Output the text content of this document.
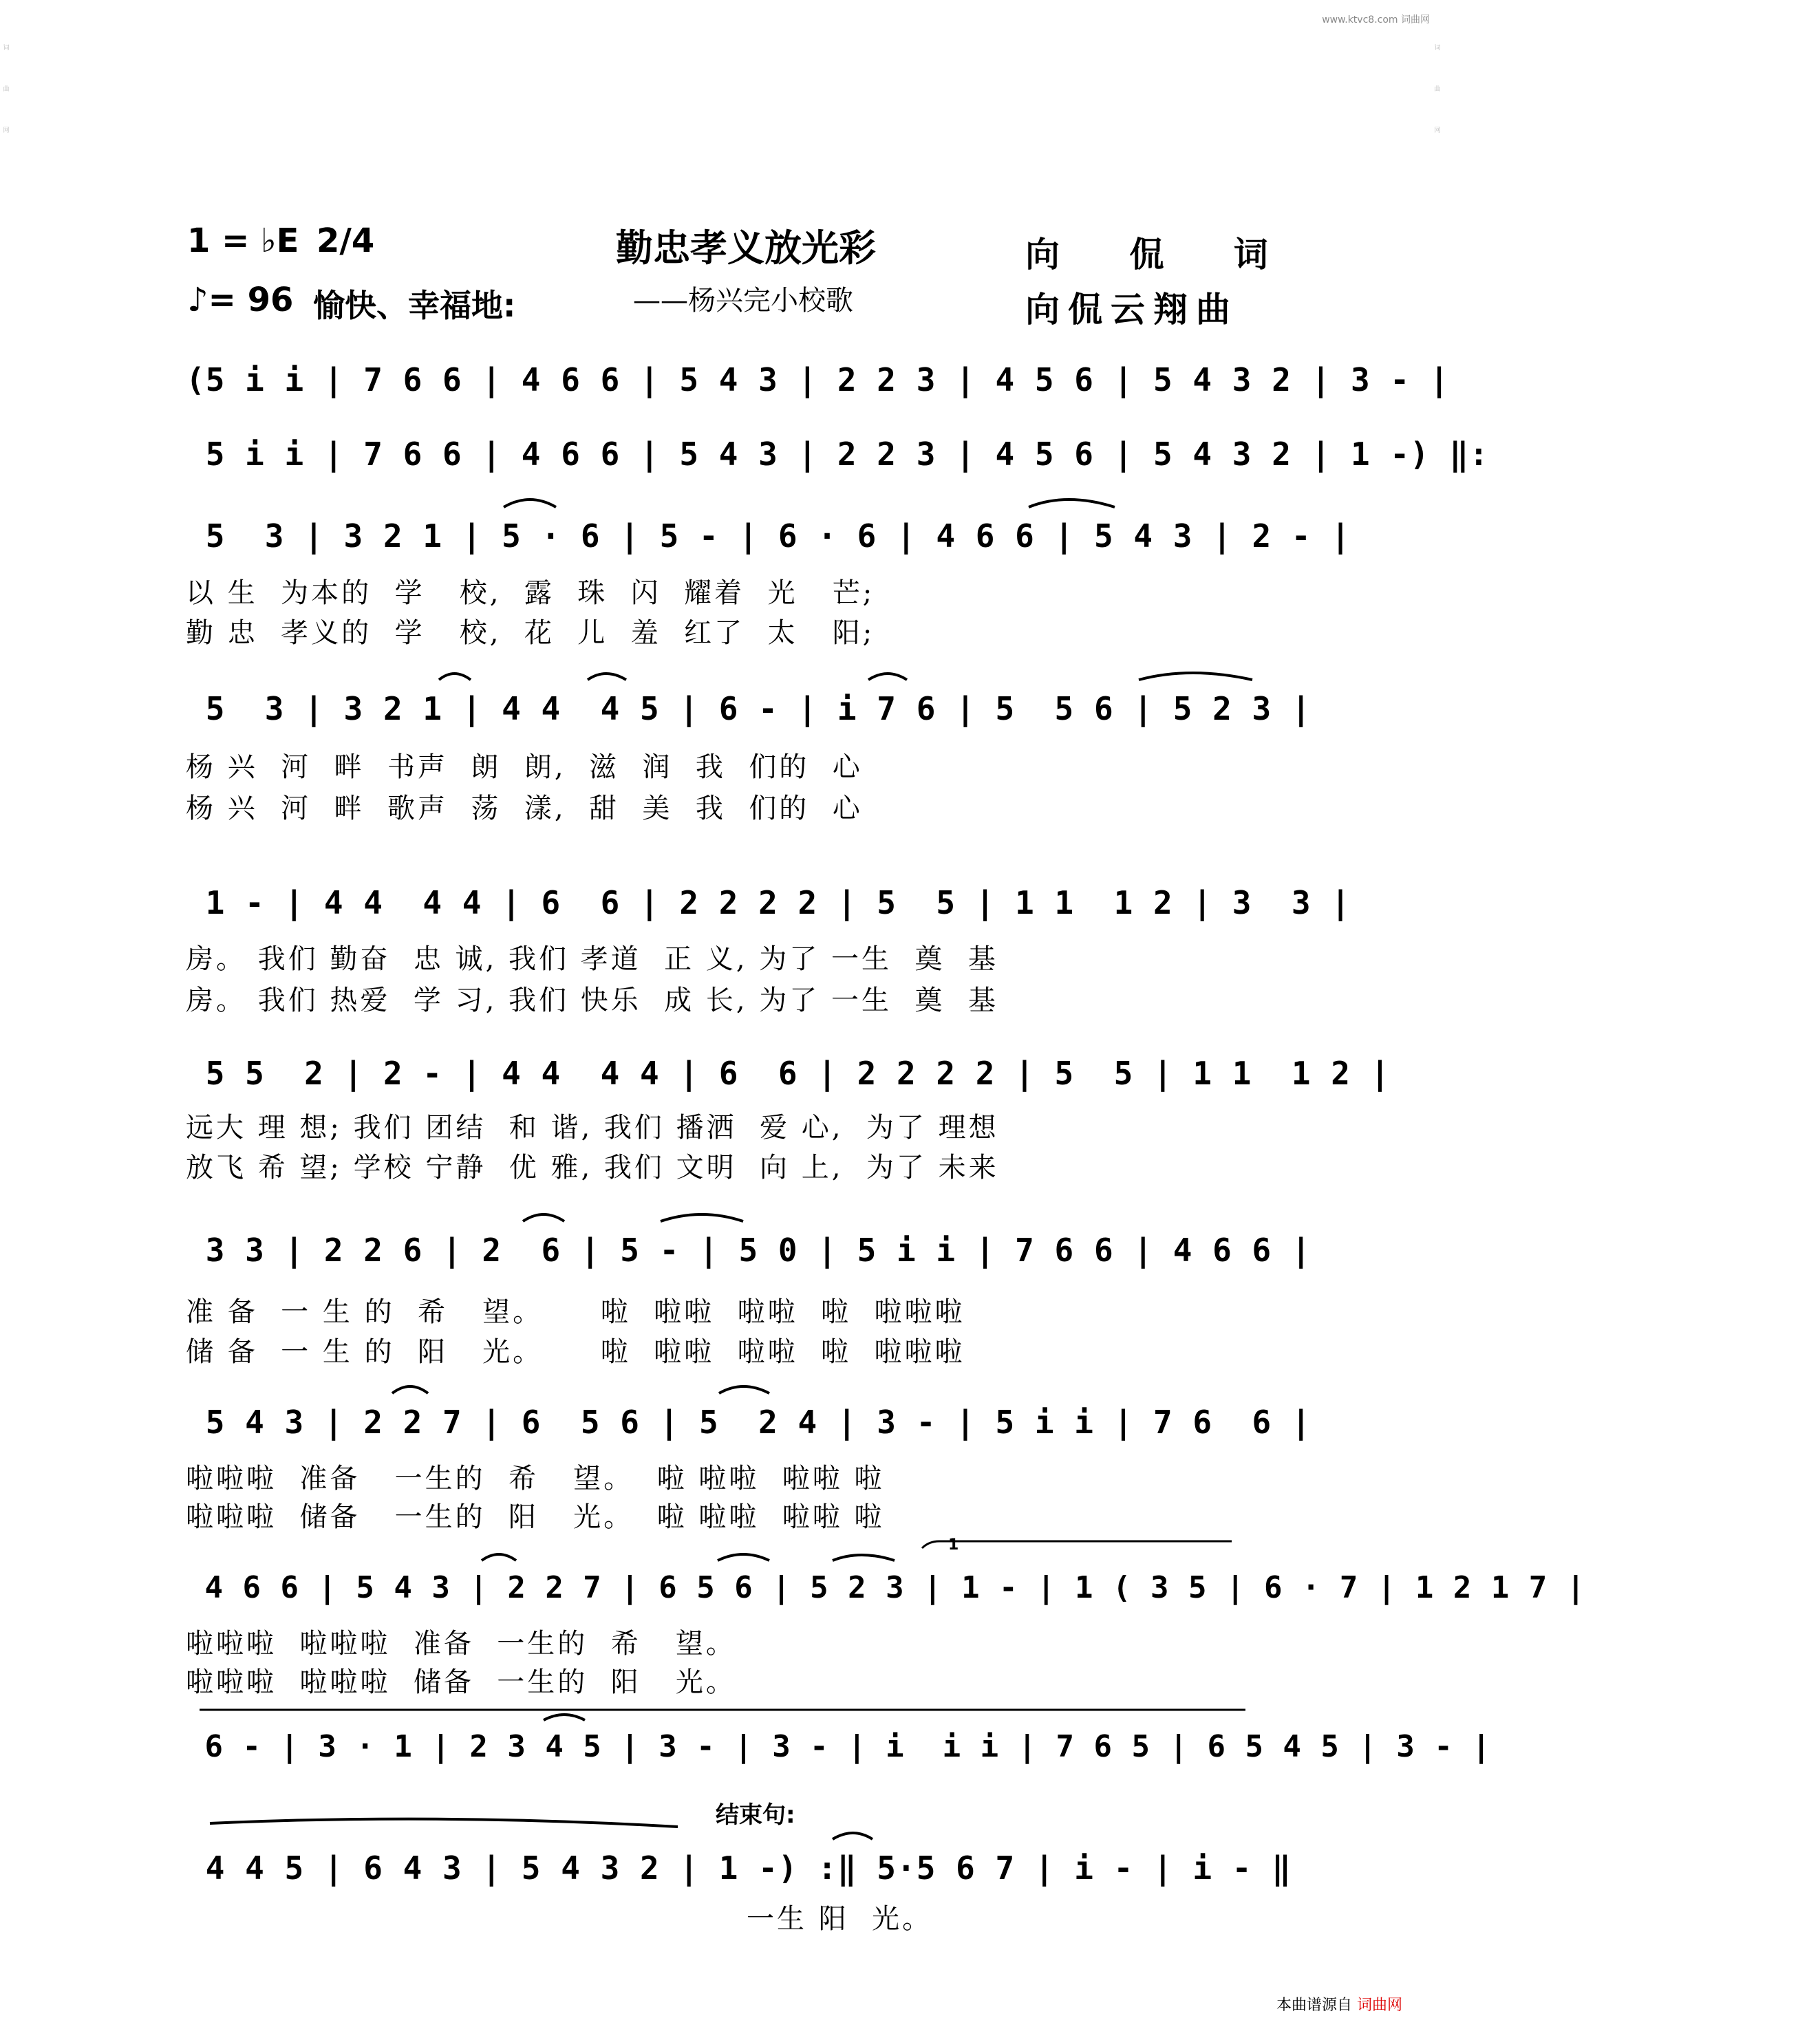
词曲网
词曲网
www.ktvc8.com 词曲网
1 = ♭E 2/4
♪= 96 愉快、幸福地:
勤忠孝义放光彩
——杨兴完小校歌
向 侃 词
向侃云翔曲
(5 i i | 7 6 6 | 4 6 6 | 5 4 3 | 2 2 3 | 4 5 6 | 5 4 3 2 | 3 - |
5 i i | 7 6 6 | 4 6 6 | 5 4 3 | 2 2 3 | 4 5 6 | 5 4 3 2 | 1 -) ‖:
5  3 | 3 2 1 | 5 · 6 | 5 - | 6 · 6 | 4 6 6 | 5 4 3 | 2 - |
以 生  为本的  学   校,  露  珠  闪  耀着  光   芒;
勤 忠  孝义的  学   校,  花  儿  羞  红了  太   阳;
5  3 | 3 2 1 | 4 4  4 5 | 6 - | i 7 6 | 5  5 6 | 5 2 3 |
杨 兴  河  畔  书声  朗  朗,  滋  润  我  们的  心
杨 兴  河  畔  歌声  荡  漾,  甜  美  我  们的  心
1 - | 4 4  4 4 | 6  6 | 2 2 2 2 | 5  5 | 1 1  1 2 | 3  3 |
房。 我们 勤奋  忠 诚, 我们 孝道  正 义, 为了 一生  奠  基
房。 我们 热爱  学 习, 我们 快乐  成 长, 为了 一生  奠  基
5 5  2 | 2 - | 4 4  4 4 | 6  6 | 2 2 2 2 | 5  5 | 1 1  1 2 |
远大 理 想; 我们 团结  和 谐, 我们 播洒  爱 心,  为了 理想
放飞 希 望; 学校 宁静  优 雅, 我们 文明  向 上,  为了 未来
3 3 | 2 2 6 | 2  6 | 5 - | 5 0 | 5 i i | 7 6 6 | 4 6 6 |
准 备  一 生 的  希   望。     啦  啦啦  啦啦  啦  啦啦啦
储 备  一 生 的  阳   光。     啦  啦啦  啦啦  啦  啦啦啦
5 4 3 | 2 2 7 | 6  5 6 | 5  2 4 | 3 - | 5 i i | 7 6  6 |
啦啦啦  准备   一生的  希   望。  啦 啦啦  啦啦 啦
啦啦啦  储备   一生的  阳   光。  啦 啦啦  啦啦 啦
4 6 6 | 5 4 3 | 2 2 7 | 6 5 6 | 5 2 3 | 1 - | 1 ( 3 5 | 6 · 7 | 1 2 1 7 |
啦啦啦  啦啦啦  准备  一生的  希   望。
啦啦啦  啦啦啦  储备  一生的  阳   光。
6 - | 3 · 1 | 2 3 4 5 | 3 - | 3 - | i  i i | 7 6 5 | 6 5 4 5 | 3 - |
结束句:
4 4 5 | 6 4 3 | 5 4 3 2 | 1 -) :‖ 5·5 6 7 | i - | i - ‖
一生 阳  光。
1
本曲谱源自 词曲网
